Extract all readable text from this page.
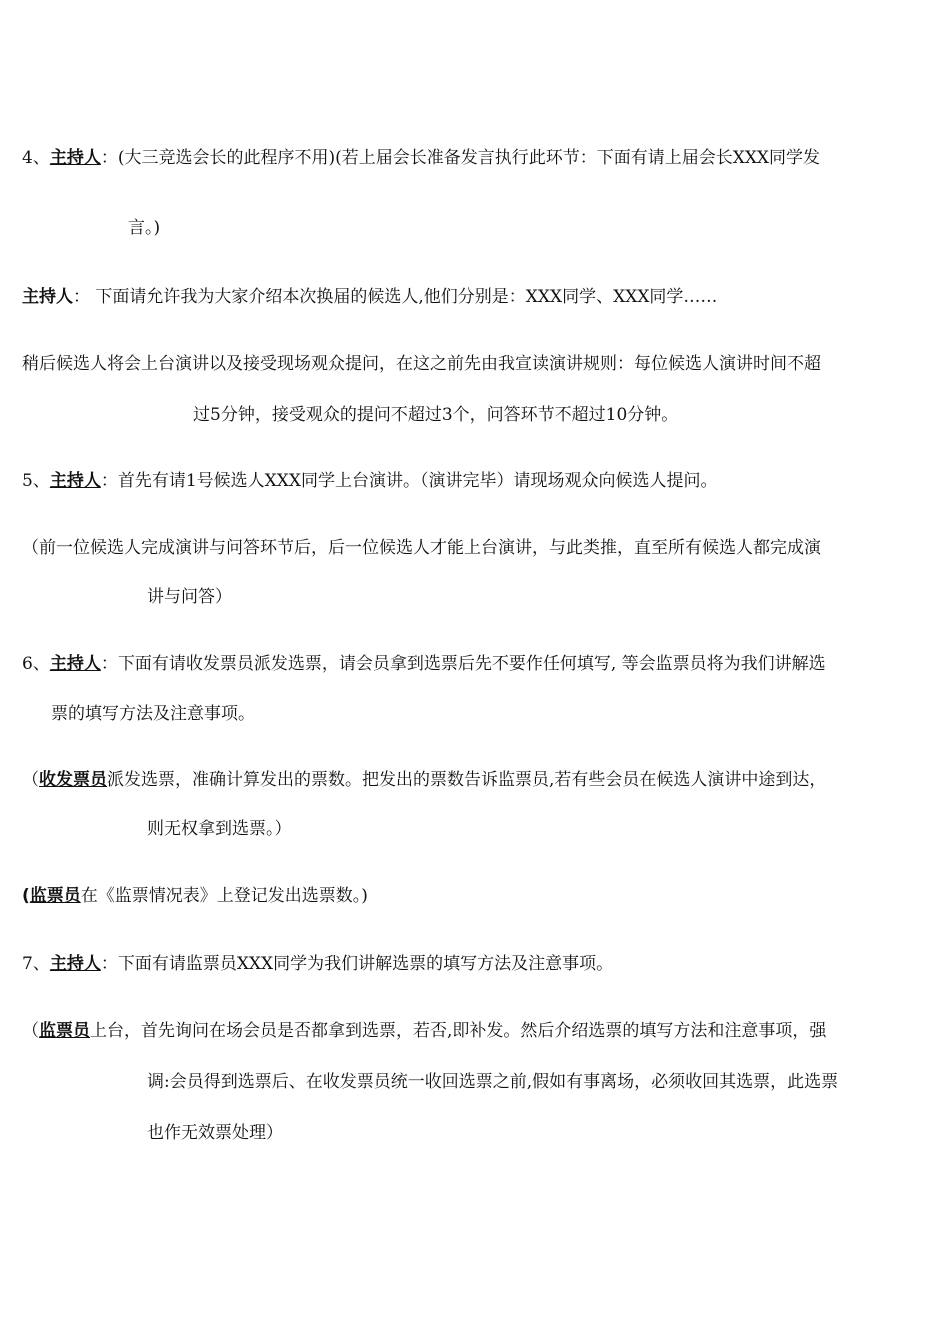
4、主持人：(大三竞选会长的此程序不用)(若上届会长准备发言执行此环节：下面有请上届会长XXX同学发
言。)
主持人： 下面请允许我为大家介绍本次换届的候选人,他们分别是：XXX同学、XXX同学……
稍后候选人将会上台演讲以及接受现场观众提问，在这之前先由我宣读演讲规则：每位候选人演讲时间不超
过5分钟，接受观众的提问不超过3个，问答环节不超过10分钟。
5、主持人：首先有请1号候选人XXX同学上台演讲。（演讲完毕）请现场观众向候选人提问。
（前一位候选人完成演讲与问答环节后，后一位候选人才能上台演讲，与此类推，直至所有候选人都完成演
讲与问答）
6、主持人：下面有请收发票员派发选票，请会员拿到选票后先不要作任何填写, 等会监票员将为我们讲解选
票的填写方法及注意事项。
（收发票员派发选票，准确计算发出的票数。把发出的票数告诉监票员,若有些会员在候选人演讲中途到达，
则无权拿到选票。）
(监票员在《监票情况表》上登记发出选票数。)
7、主持人：下面有请监票员XXX同学为我们讲解选票的填写方法及注意事项。
（监票员上台，首先询问在场会员是否都拿到选票，若否,即补发。然后介绍选票的填写方法和注意事项，强
调:会员得到选票后、在收发票员统一收回选票之前,假如有事离场，必须收回其选票，此选票
也作无效票处理）
